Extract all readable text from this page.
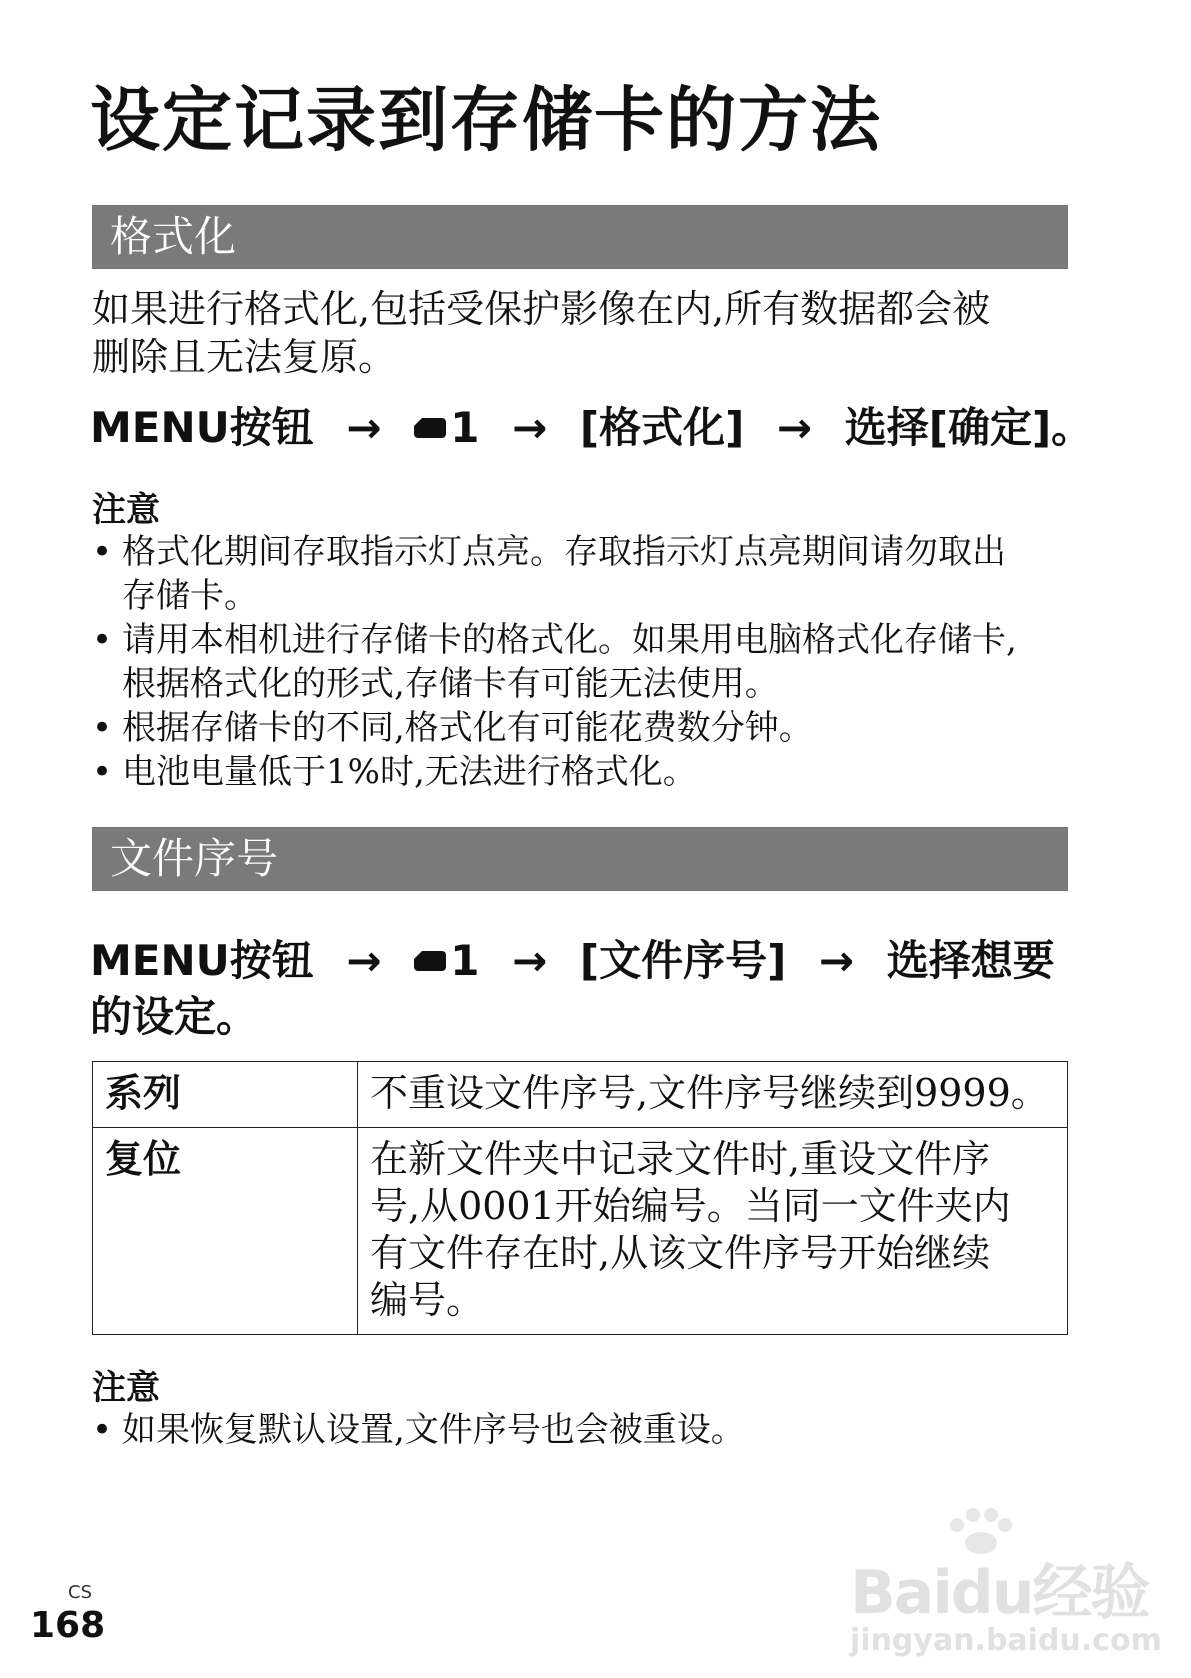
设定记录到存储卡的方法
格式化
如果进行格式化,包括受保护影像在内,所有数据都会被
删除且无法复原。
MENU按钮 → 1 → [格式化] → 选择[确定]。
注意
• 格式化期间存取指示灯点亮。存取指示灯点亮期间请勿取出
存储卡。
• 请用本相机进行存储卡的格式化。如果用电脑格式化存储卡,
根据格式化的形式,存储卡有可能无法使用。
• 根据存储卡的不同,格式化有可能花费数分钟。
• 电池电量低于1%时,无法进行格式化。
文件序号
MENU按钮 → 1 → [文件序号] → 选择想要
的设定。
系列	不重设文件序号,文件序号继续到9999。

复位	在新文件夹中记录文件时,重设文件序
号,从0001开始编号。当同一文件夹内
有文件存在时,从该文件序号开始继续
编号。
注意
• 如果恢复默认设置,文件序号也会被重设。
CS
168	Baidu经验
jingyan.baidu.com
